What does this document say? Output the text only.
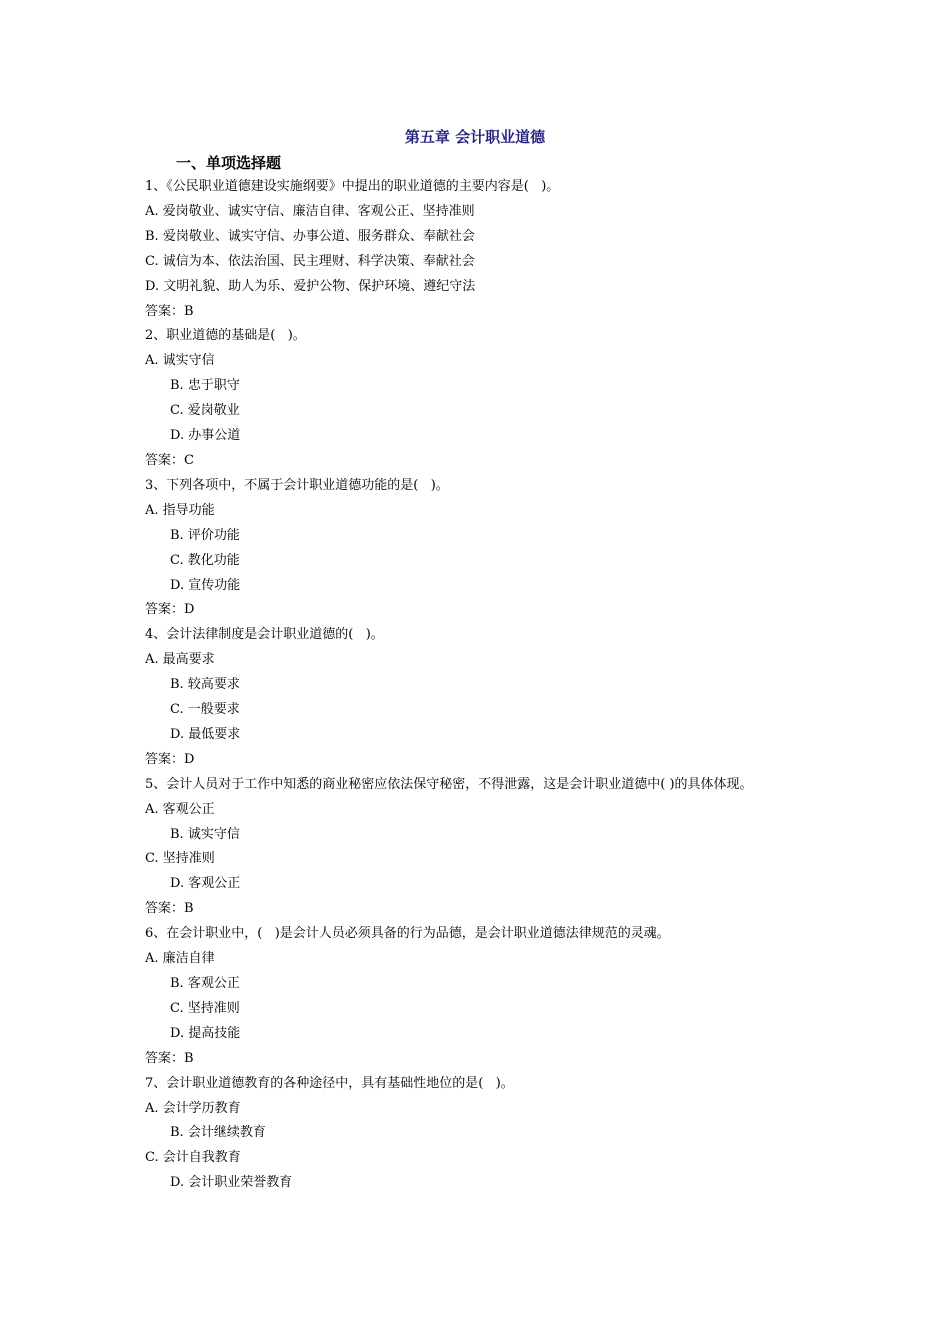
第五章 会计职业道德
一、单项选择题
1、《公民职业道德建设实施纲要》中提出的职业道德的主要内容是(   )。
A. 爱岗敬业、诚实守信、廉洁自律、客观公正、坚持准则
B. 爱岗敬业、诚实守信、办事公道、服务群众、奉献社会
C. 诚信为本、依法治国、民主理财、科学决策、奉献社会
D. 文明礼貌、助人为乐、爱护公物、保护环境、遵纪守法
答案：B
2、职业道德的基础是(   )。
A. 诚实守信
B. 忠于职守
C. 爱岗敬业
D. 办事公道
答案：C
3、下列各项中，不属于会计职业道德功能的是(   )。
A. 指导功能
B. 评价功能
C. 教化功能
D. 宣传功能
答案：D
4、会计法律制度是会计职业道德的(   )。
A. 最高要求
B. 较高要求
C. 一般要求
D. 最低要求
答案：D
5、会计人员对于工作中知悉的商业秘密应依法保守秘密，不得泄露，这是会计职业道德中( )的具体体现。
A. 客观公正
B. 诚实守信
C. 坚持准则
D. 客观公正
答案：B
6、在会计职业中，(   )是会计人员必须具备的行为品德，是会计职业道德法律规范的灵魂。
A. 廉洁自律
B. 客观公正
C. 坚持准则
D. 提高技能
答案：B
7、会计职业道德教育的各种途径中，具有基础性地位的是(   )。
A. 会计学历教育
B. 会计继续教育
C. 会计自我教育
D. 会计职业荣誉教育
